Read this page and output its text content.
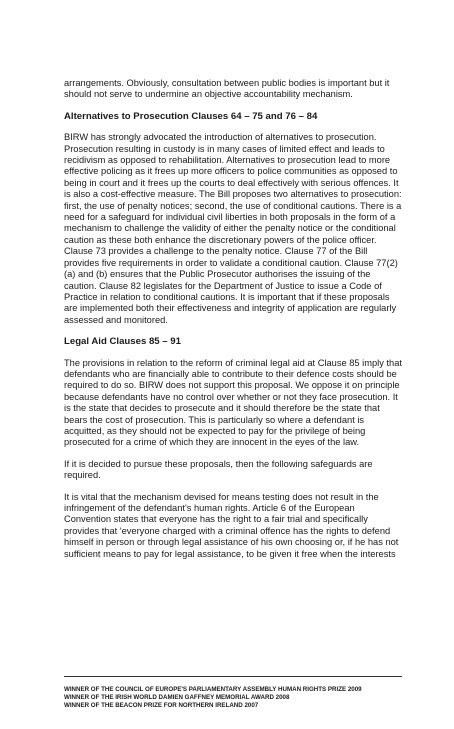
arrangements. Obviously, consultation between public bodies is important but it should not serve to undermine an objective accountability mechanism.

Alternatives to Prosecution Clauses 64 – 75 and 76 – 84

BIRW has strongly advocated the introduction of alternatives to prosecution. Prosecution resulting in custody is in many cases of limited effect and leads to recidivism as opposed to rehabilitation. Alternatives to prosecution lead to more effective policing as it frees up more officers to police communities as opposed to being in court and it frees up the courts to deal effectively with serious offences. It is also a cost-effective measure. The Bill proposes two alternatives to prosecution: first, the use of penalty notices; second, the use of conditional cautions. There is a need for a safeguard for individual civil liberties in both proposals in the form of a mechanism to challenge the validity of either the penalty notice or the conditional caution as these both enhance the discretionary powers of the police officer. Clause 73 provides a challenge to the penalty notice. Clause 77 of the Bill provides five requirements in order to validate a conditional caution. Clause 77(2) (a) and (b) ensures that the Public Prosecutor authorises the issuing of the caution. Clause 82 legislates for the Department of Justice to issue a Code of Practice in relation to conditional cautions. It is important that if these proposals are implemented both their effectiveness and integrity of application are regularly assessed and monitored.

Legal Aid Clauses 85 – 91

The provisions in relation to the reform of criminal legal aid at Clause 85 imply that defendants who are financially able to contribute to their defence costs should be required to do so. BIRW does not support this proposal. We oppose it on principle because defendants have no control over whether or not they face prosecution. It is the state that decides to prosecute and it should therefore be the state that bears the cost of prosecution. This is particularly so where a defendant is acquitted, as they should not be expected to pay for the privilege of being prosecuted for a crime of which they are innocent in the eyes of the law.

If it is decided to pursue these proposals, then the following safeguards are required.

It is vital that the mechanism devised for means testing does not result in the infringement of the defendant's human rights. Article 6 of the European Convention states that everyone has the right to a fair trial and specifically provides that 'everyone charged with a criminal offence has the rights to defend himself in person or through legal assistance of his own choosing or, if he has not sufficient means to pay for legal assistance, to be given it free when the interests

WINNER OF THE COUNCIL OF EUROPE'S PARLIAMENTARY ASSEMBLY HUMAN RIGHTS PRIZE 2009
WINNER OF THE IRISH WORLD DAMIEN GAFFNEY MEMORIAL AWARD 2008
WINNER OF THE BEACON PRIZE FOR NORTHERN IRELAND 2007
